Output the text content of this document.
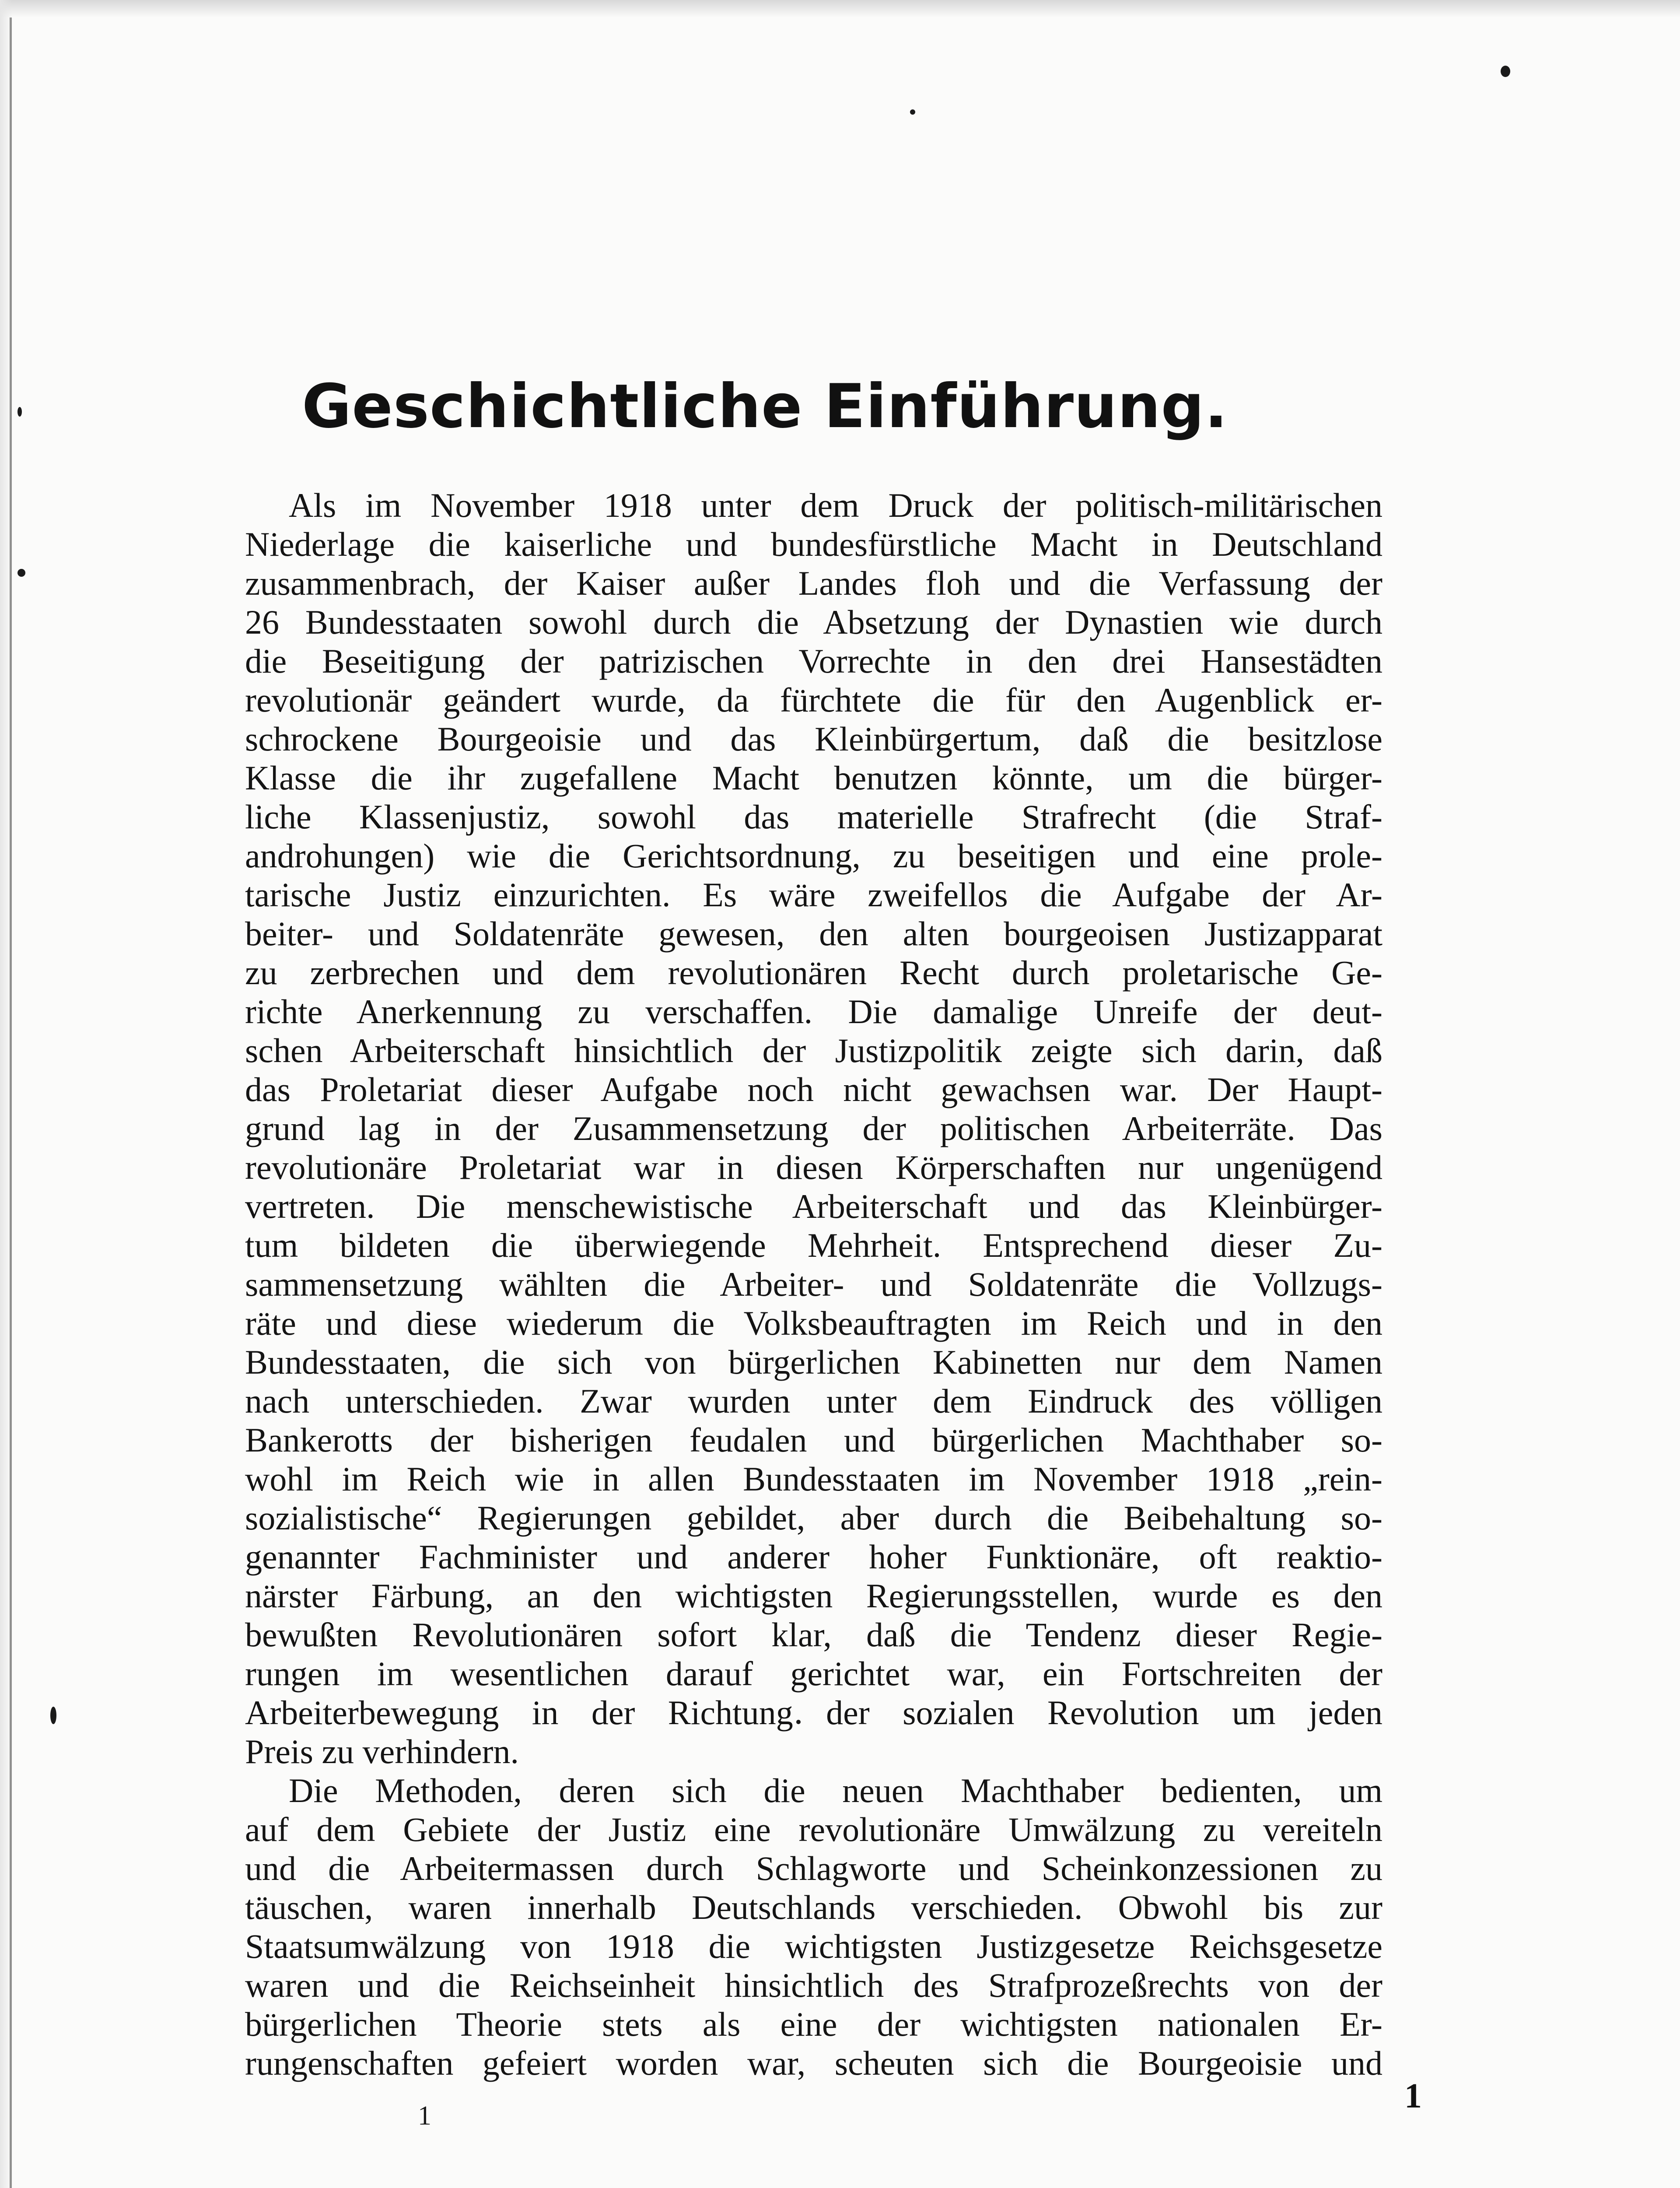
Geschichtliche Einführung.
Als im November 1918 unter dem Druck der politisch-militärischen
Niederlage die kaiserliche und bundesfürstliche Macht in Deutschland
zusammenbrach, der Kaiser außer Landes floh und die Verfassung der
26 Bundesstaaten sowohl durch die Absetzung der Dynastien wie durch
die Beseitigung der patrizischen Vorrechte in den drei Hansestädten
revolutionär geändert wurde, da fürchtete die für den Augenblick er-
schrockene Bourgeoisie und das Kleinbürgertum, daß die besitzlose
Klasse die ihr zugefallene Macht benutzen könnte, um die bürger-
liche Klassenjustiz, sowohl das materielle Strafrecht (die Straf-
androhungen) wie die Gerichtsordnung, zu beseitigen und eine prole-
tarische Justiz einzurichten. Es wäre zweifellos die Aufgabe der Ar-
beiter- und Soldatenräte gewesen, den alten bourgeoisen Justizapparat
zu zerbrechen und dem revolutionären Recht durch proletarische Ge-
richte Anerkennung zu verschaffen. Die damalige Unreife der deut-
schen Arbeiterschaft hinsichtlich der Justizpolitik zeigte sich darin, daß
das Proletariat dieser Aufgabe noch nicht gewachsen war. Der Haupt-
grund lag in der Zusammensetzung der politischen Arbeiterräte. Das
revolutionäre Proletariat war in diesen Körperschaften nur ungenügend
vertreten. Die menschewistische Arbeiterschaft und das Kleinbürger-
tum bildeten die überwiegende Mehrheit. Entsprechend dieser Zu-
sammensetzung wählten die Arbeiter- und Soldatenräte die Vollzugs-
räte und diese wiederum die Volksbeauftragten im Reich und in den
Bundesstaaten, die sich von bürgerlichen Kabinetten nur dem Namen
nach unterschieden. Zwar wurden unter dem Eindruck des völligen
Bankerotts der bisherigen feudalen und bürgerlichen Machthaber so-
wohl im Reich wie in allen Bundesstaaten im November 1918 „rein-
sozialistische“ Regierungen gebildet, aber durch die Beibehaltung so-
genannter Fachminister und anderer hoher Funktionäre, oft reaktio-
närster Färbung, an den wichtigsten Regierungsstellen, wurde es den
bewußten Revolutionären sofort klar, daß die Tendenz dieser Regie-
rungen im wesentlichen darauf gerichtet war, ein Fortschreiten der
Arbeiterbewegung in der Richtung der sozialen Revolution um jeden
Preis zu verhindern.
Die Methoden, deren sich die neuen Machthaber bedienten, um
auf dem Gebiete der Justiz eine revolutionäre Umwälzung zu vereiteln
und die Arbeitermassen durch Schlagworte und Scheinkonzessionen zu
täuschen, waren innerhalb Deutschlands verschieden. Obwohl bis zur
Staatsumwälzung von 1918 die wichtigsten Justizgesetze Reichsgesetze
waren und die Reichseinheit hinsichtlich des Strafprozeßrechts von der
bürgerlichen Theorie stets als eine der wichtigsten nationalen Er-
rungenschaften gefeiert worden war, scheuten sich die Bourgeoisie und
1
1
